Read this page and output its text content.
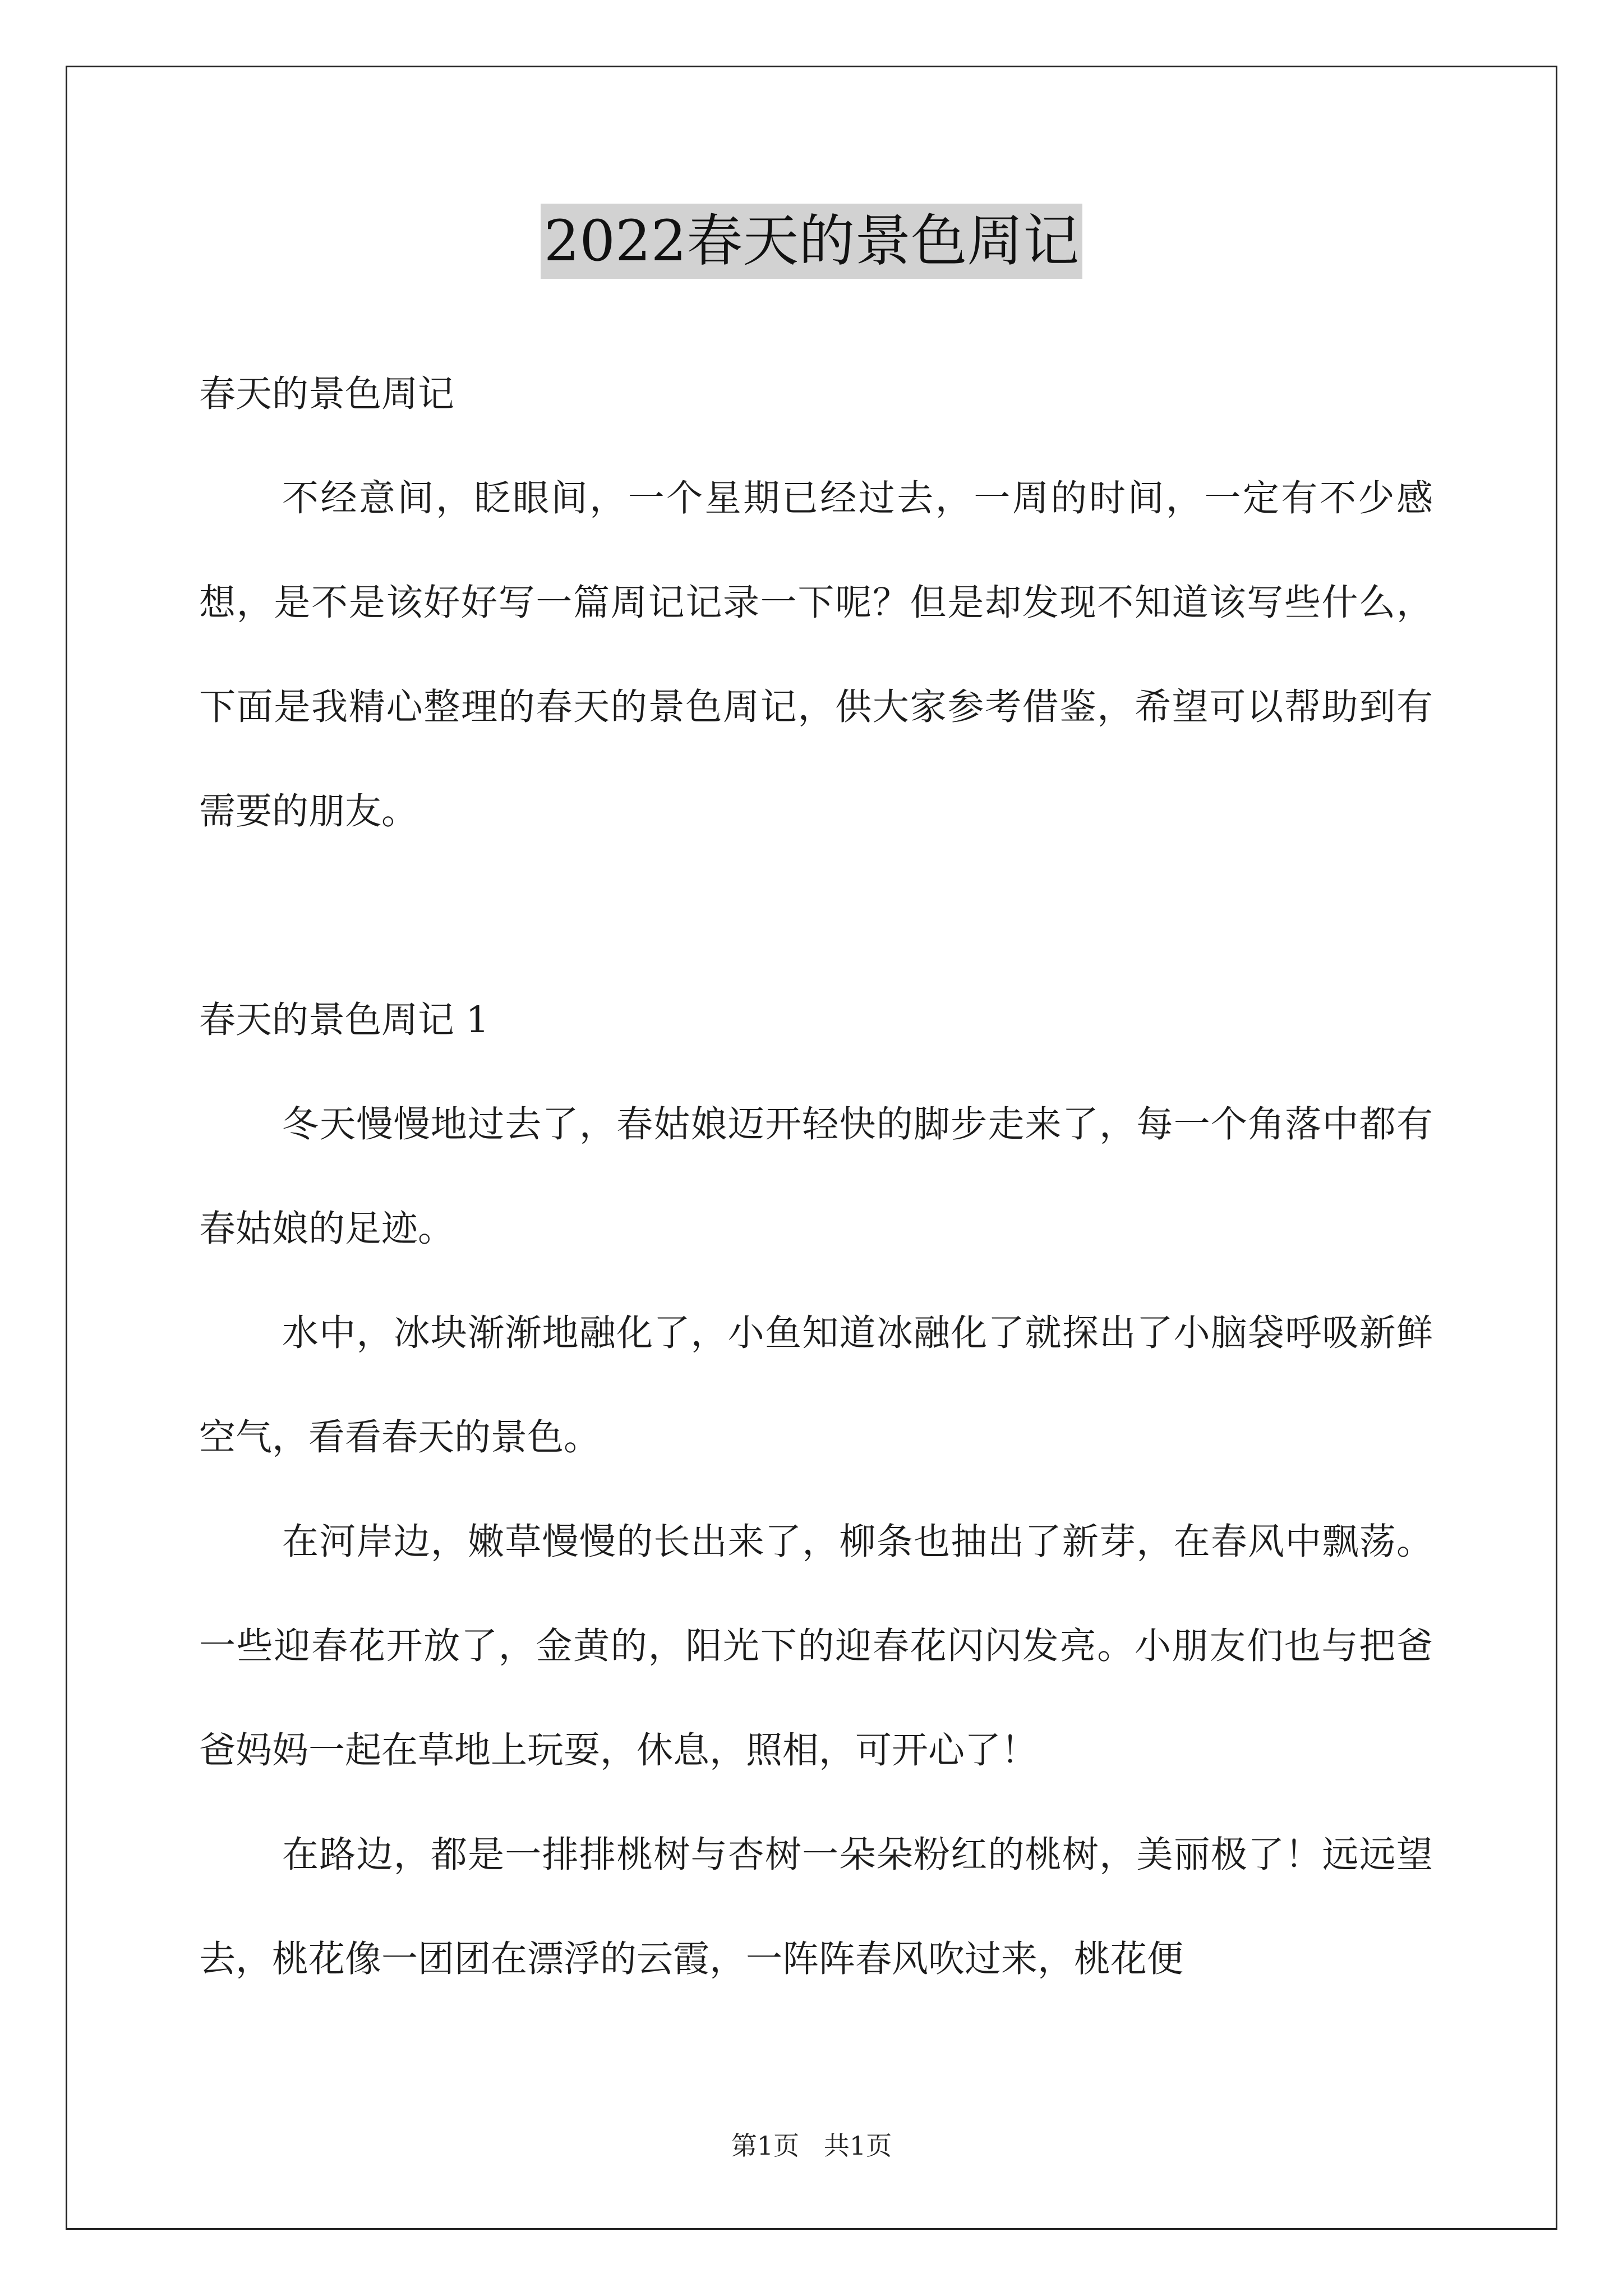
2022春天的景色周记

春天的景色周记

不经意间，眨眼间，一个星期已经过去，一周的时间，一定有不少感想，是不是该好好写一篇周记记录一下呢？但是却发现不知道该写些什么，下面是我精心整理的春天的景色周记，供大家参考借鉴，希望可以帮助到有需要的朋友。

春天的景色周记 1

冬天慢慢地过去了，春姑娘迈开轻快的脚步走来了，每一个角落中都有春姑娘的足迹。

水中，冰块渐渐地融化了，小鱼知道冰融化了就探出了小脑袋呼吸新鲜空气，看看春天的景色。

在河岸边，嫩草慢慢的长出来了，柳条也抽出了新芽，在春风中飘荡。一些迎春花开放了，金黄的，阳光下的迎春花闪闪发亮。小朋友们也与把爸爸妈妈一起在草地上玩耍，休息，照相，可开心了！

在路边，都是一排排桃树与杏树一朵朵粉红的桃树，美丽极了！远远望去，桃花像一团团在漂浮的云霞，一阵阵春风吹过来，桃花便

第1页   共1页
